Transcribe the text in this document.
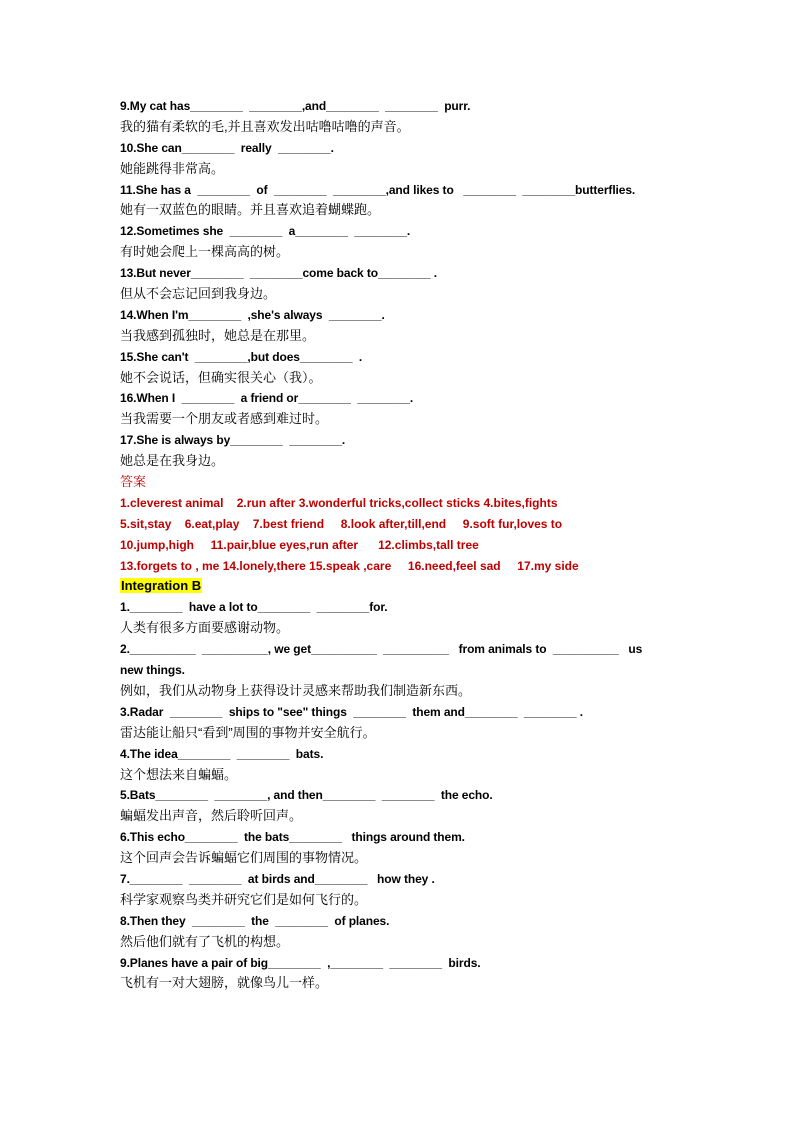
9.My cat has________  ________,and________  ________  purr.
我的猫有柔软的毛,并且喜欢发出咕噜咕噜的声音。
10.She can________  really  ________.
她能跳得非常高。
11.She has a  ________  of  ________  ________,and likes to   ________  ________butterflies.
她有一双蓝色的眼睛。并且喜欢追着蝴蝶跑。
12.Sometimes she  ________  a________  ________.
有时她会爬上一棵高高的树。
13.But never________  ________come back to________ .
但从不会忘记回到我身边。
14.When I'm________  ,she's always  ________.
当我感到孤独时，她总是在那里。
15.She can't  ________,but does________  .
她不会说话，但确实很关心（我）。
16.When I  ________  a friend or________  ________.
当我需要一个朋友或者感到难过时。
17.She is always by________  ________.
她总是在我身边。
答案
1.cleverest animal    2.run after 3.wonderful tricks,collect sticks 4.bites,fights
5.sit,stay    6.eat,play    7.best friend     8.look after,till,end     9.soft fur,loves to
10.jump,high     11.pair,blue eyes,run after      12.climbs,tall tree
13.forgets to , me 14.lonely,there 15.speak ,care     16.need,feel sad     17.my side
Integration B
1.________  have a lot to________  ________for.
人类有很多方面要感谢动物。
2.__________  __________, we get__________  __________   from animals to  __________   us
new things.
例如，我们从动物身上获得设计灵感来帮助我们制造新东西。
3.Radar  ________  ships to "see" things  ________  them and________  ________ .
雷达能让船只“看到”周围的事物并安全航行。
4.The idea________  ________  bats.
这个想法来自蝙蝠。
5.Bats________  ________, and then________  ________  the echo.
蝙蝠发出声音，然后聆听回声。
6.This echo________  the bats________   things around them.
这个回声会告诉蝙蝠它们周围的事物情况。
7.________  ________  at birds and________   how they .
科学家观察鸟类并研究它们是如何飞行的。
8.Then they  ________  the  ________  of planes.
然后他们就有了飞机的构想。
9.Planes have a pair of big________  ,________  ________  birds.
飞机有一对大翅膀，就像鸟儿一样。
